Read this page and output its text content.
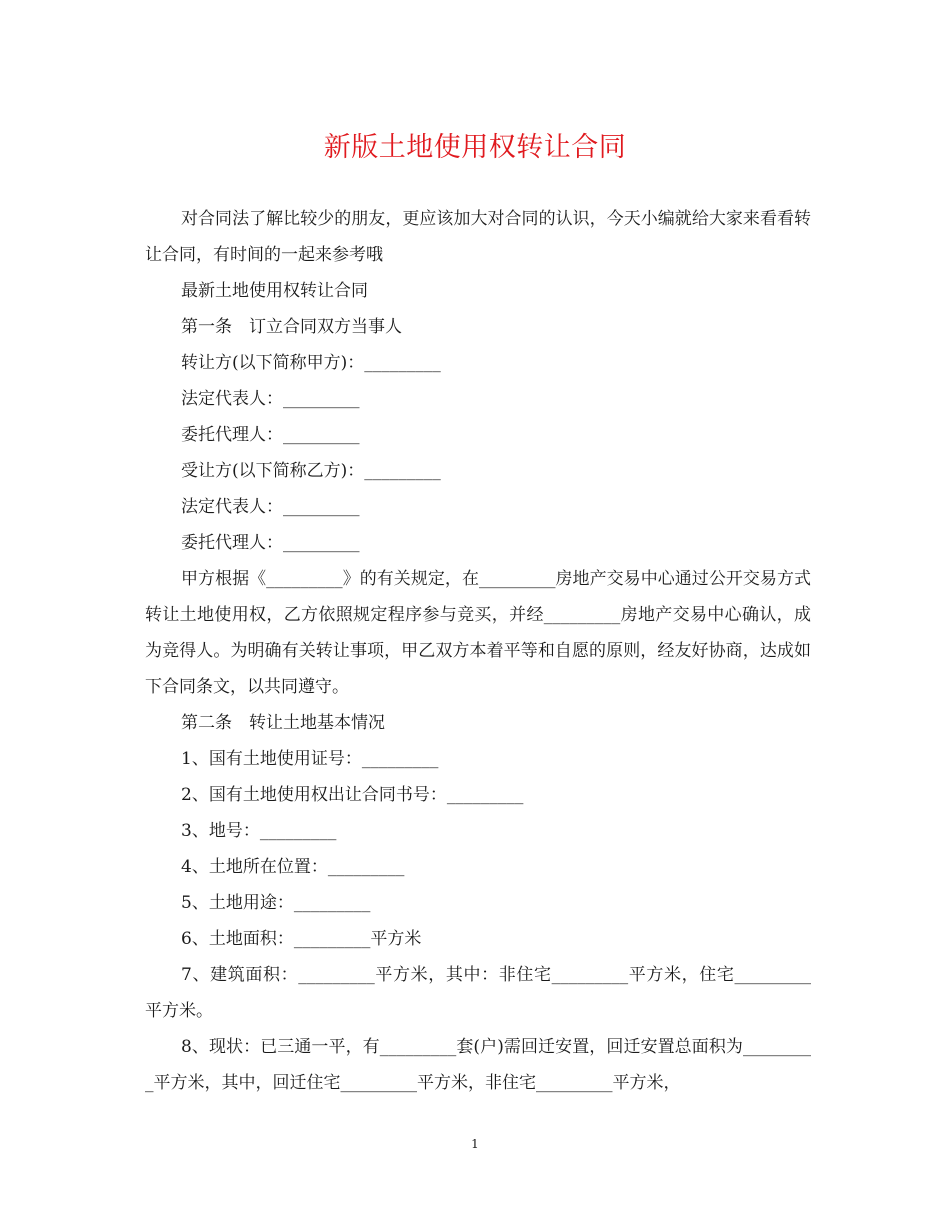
新版土地使用权转让合同

对合同法了解比较少的朋友，更应该加大对合同的认识，今天小编就给大家来看看转让合同，有时间的一起来参考哦

最新土地使用权转让合同

第一条　订立合同双方当事人

转让方(以下简称甲方)：_________

法定代表人：_________

委托代理人：_________

受让方(以下简称乙方)：_________

法定代表人：_________

委托代理人：_________

甲方根据《_________》的有关规定，在_________房地产交易中心通过公开交易方式转让土地使用权，乙方依照规定程序参与竞买，并经_________房地产交易中心确认，成为竞得人。为明确有关转让事项，甲乙双方本着平等和自愿的原则，经友好协商，达成如下合同条文，以共同遵守。

第二条　转让土地基本情况

1、国有土地使用证号：_________

2、国有土地使用权出让合同书号：_________

3、地号：_________

4、土地所在位置：_________

5、土地用途：_________

6、土地面积：_________平方米

7、建筑面积：_________平方米，其中：非住宅_________平方米，住宅_________平方米。

8、现状：已三通一平，有_________套(户)需回迁安置，回迁安置总面积为_________平方米，其中，回迁住宅_________平方米，非住宅_________平方米，

1
